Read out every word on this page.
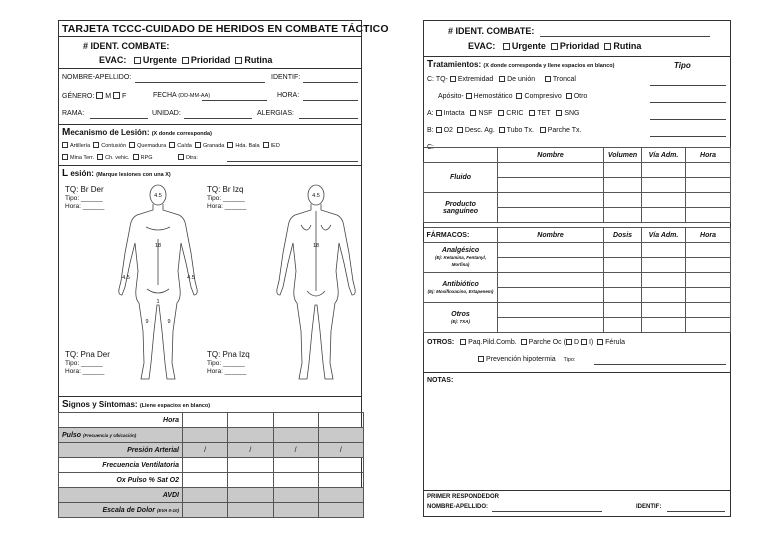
TARJETA TCCC-CUIDADO DE HERIDOS EN COMBATE TÁCTICO
# IDENT. COMBATE:
EVAC: Urgente Prioridad Rutina
NOMBRE-APELLIDO:	IDENTIF:
GÉNERO: M F	FECHA (DD-MM-AA)	HORA:
RAMA:	UNIDAD:	ALERGIAS:
Mecanismo de Lesión: (X donde corresponda)
Artillería Contusión Quemadura Caída Granada Hda. Bala IED
Mina Terr. Ch. vehic. RPG	Otra:
L esión: (Marque lesiones con una X)
TQ: Br Der
Tipo: ______
Hora: ______
TQ: Br Izq
Tipo: ______
Hora: ______
TQ: Pna Der
Tipo: ______
Hora: ______
TQ: Pna Izq
Tipo: ______
Hora: ______
4.5
18
4.5	4.5
1
9	9
4.5
18
Signos y Síntomas: (Llene espacios en blanco)
Hora				
Pulso (Frecuencia y Ubicación)				
Presión Arterial	/	/	/	/
Frecuencia Ventilatoria				
Ox Pulso % Sat O2				
AVDI				
Escala de Dolor (EVA 0-10)				
# IDENT. COMBATE:
EVAC: Urgente Prioridad Rutina
Tratamientos: (X donde corresponda y llene espacios en blanco)	Tipo
C: TQ- Extremidad De unión	Troncal
Apósito- Hemostático Compresivo Otro
A: Intacta NSF CRIC TET SNG
B: O2 Desc. Ag. Tubo Tx. Parche Tx.
C:
	Nombre	Volumen	Vía Adm.	Hora
Fluido				

Producto sanguíneo				

FÁRMACOS:	Nombre	Dosis	Vía Adm.	Hora
Analgésico
(Ej: Ketamina, Fentanyl, Morfina)				

Antibiótico
(Ej: Moxifloxacino, Ertapenem)				

Otros
(Ej: TXA)				

OTROS: Paq.Pild.Comb. Parche Oc ( D I) Férula
Prevención hipotermia Tipo:
NOTAS:
PRIMER RESPONDEDOR
NOMBRE-APELLIDO:	IDENTIF:
